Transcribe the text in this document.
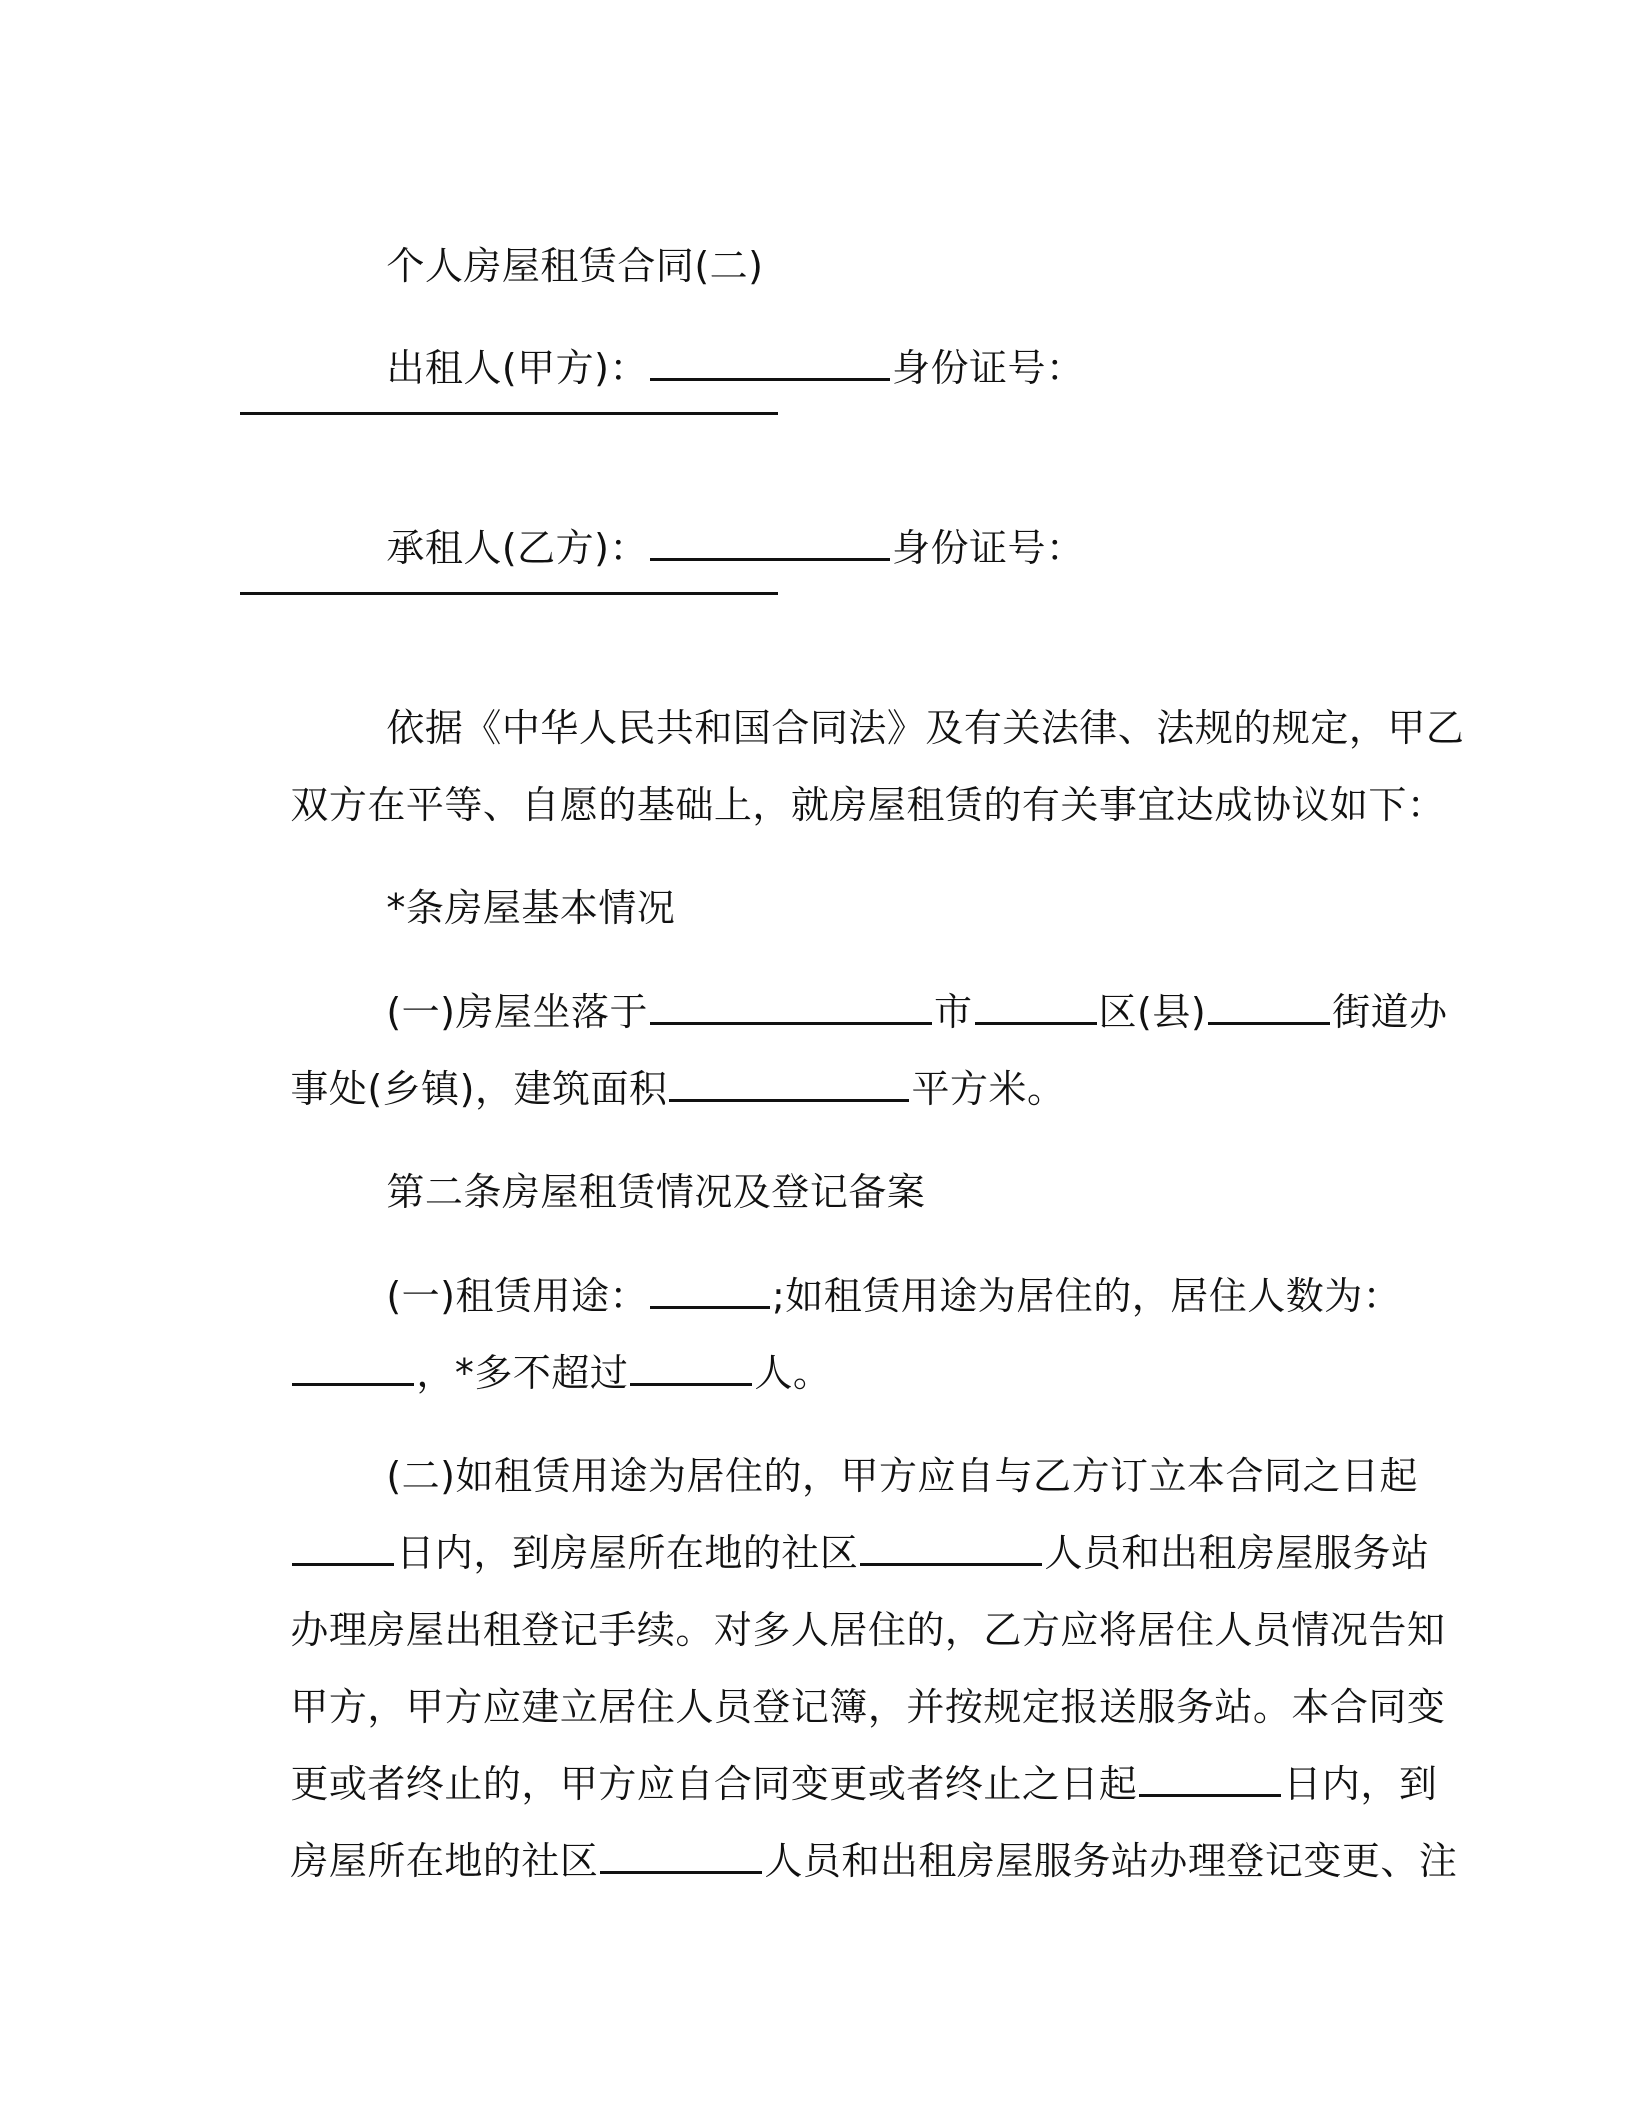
个人房屋租赁合同(二)

出租人(甲方)：	身份证号：

承租人(乙方)：	身份证号：

依据《中华人民共和国合同法》及有关法律、法规的规定，甲乙

双方在平等、自愿的基础上，就房屋租赁的有关事宜达成协议如下：

*条房屋基本情况

(一)房屋坐落于	市	区(县)	街道办

事处(乡镇)，建筑面积	平方米。

第二条房屋租赁情况及登记备案

(一)租赁用途：	;如租赁用途为居住的，居住人数为：

，*多不超过	人。

(二)如租赁用途为居住的，甲方应自与乙方订立本合同之日起

日内，到房屋所在地的社区	人员和出租房屋服务站

办理房屋出租登记手续。对多人居住的，乙方应将居住人员情况告知

甲方，甲方应建立居住人员登记簿，并按规定报送服务站。本合同变

更或者终止的，甲方应自合同变更或者终止之日起	日内，到

房屋所在地的社区	人员和出租房屋服务站办理登记变更、注
